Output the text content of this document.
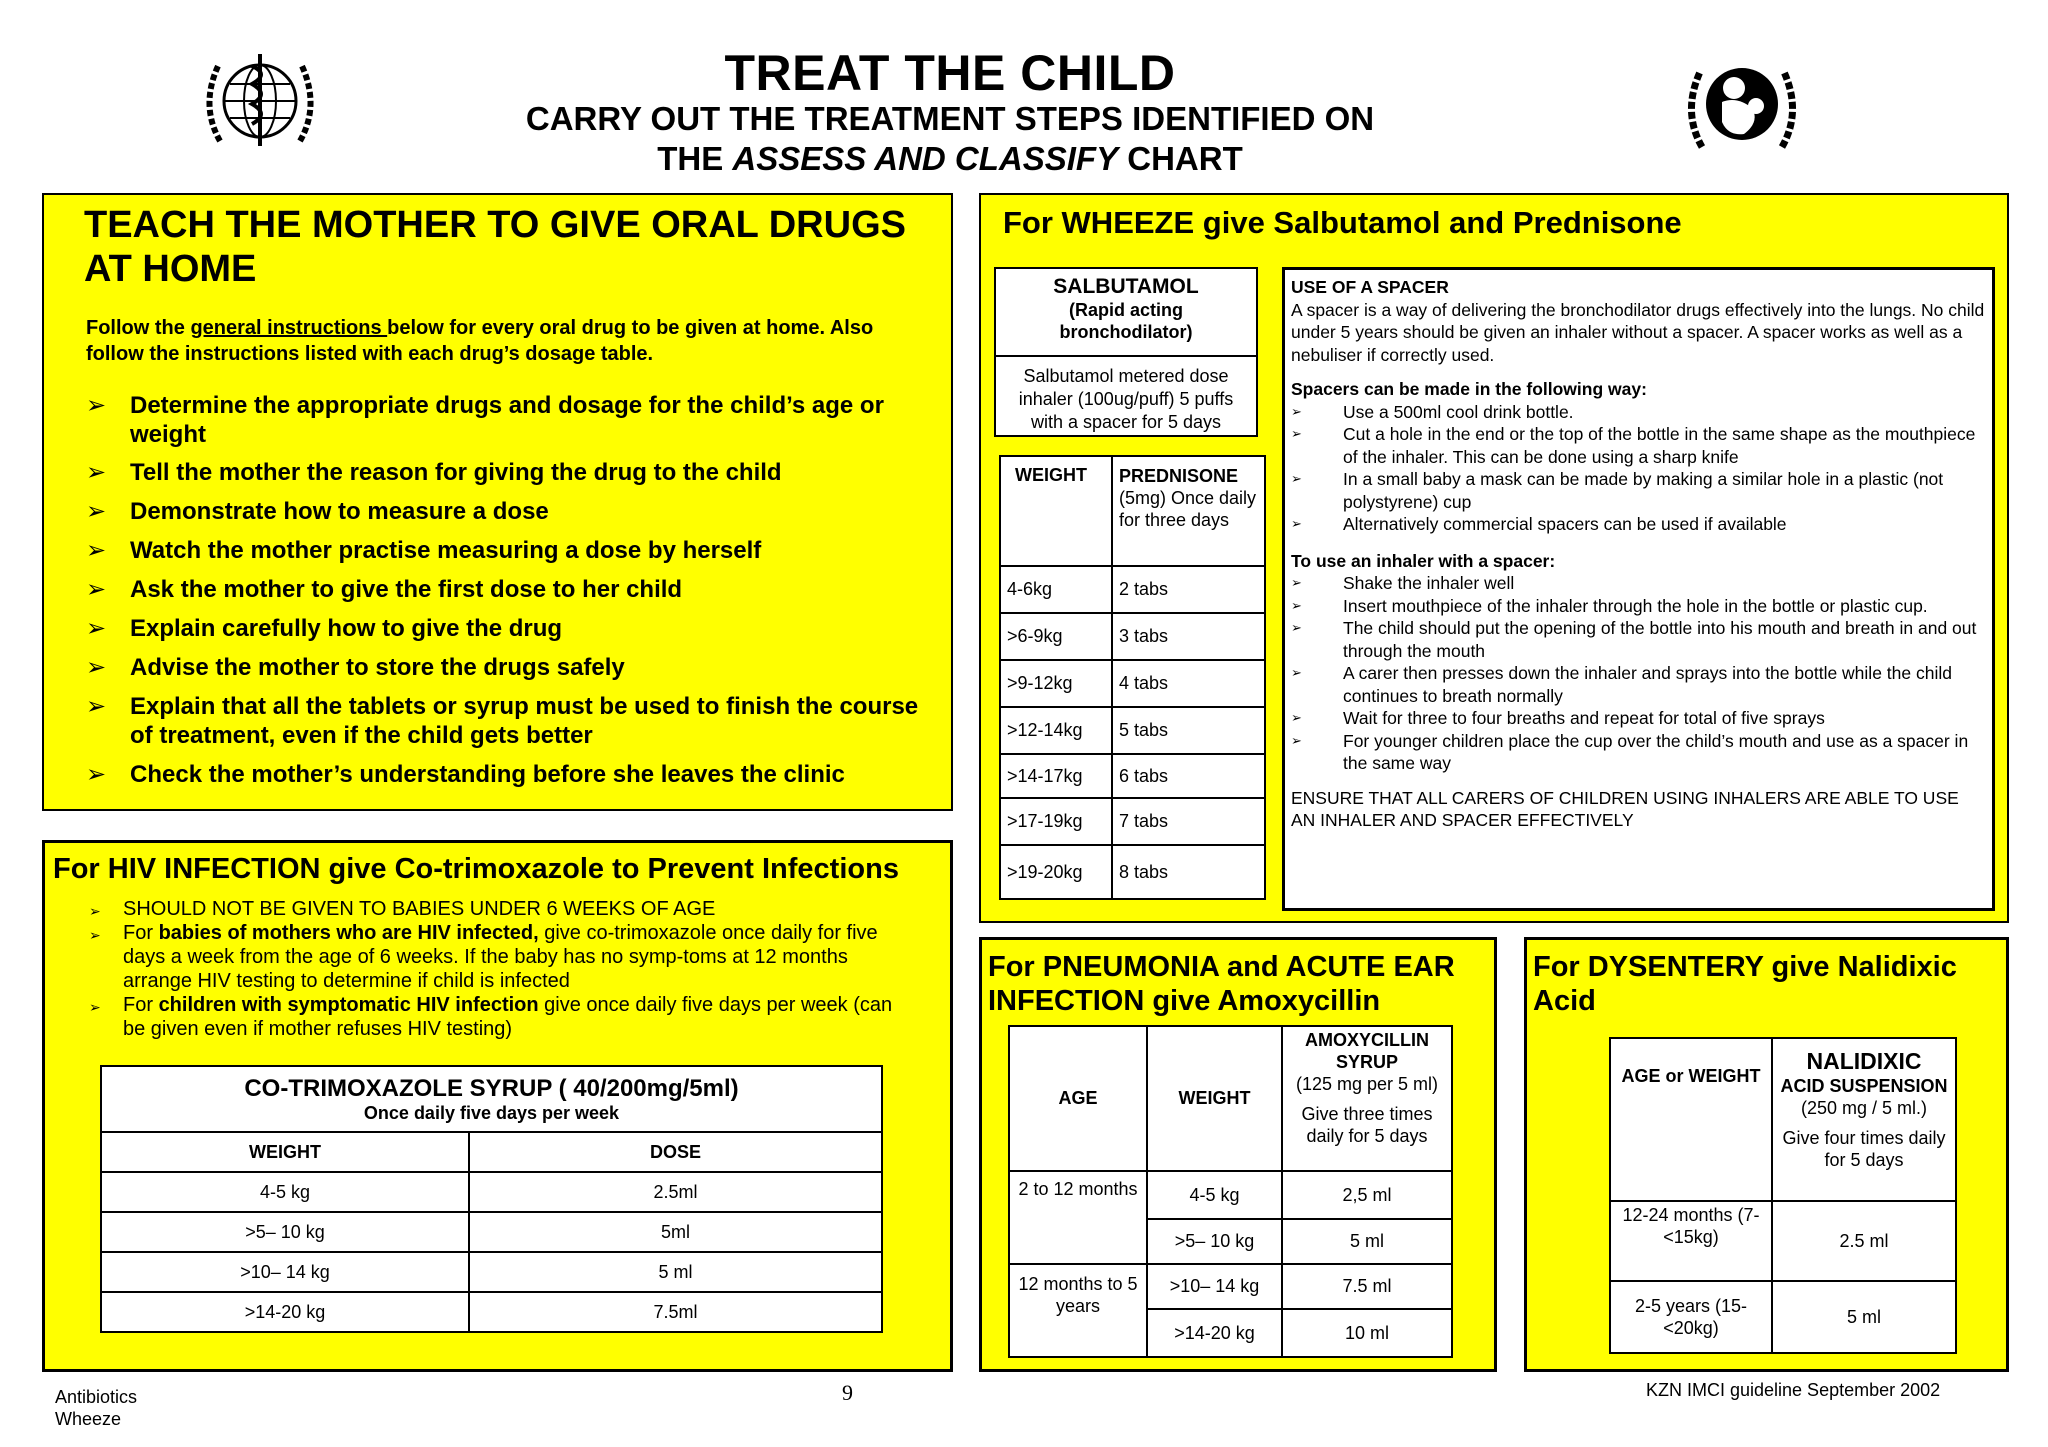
TREAT THE CHILD
CARRY OUT THE TREATMENT STEPS IDENTIFIED ON
THE ASSESS AND CLASSIFY CHART
TEACH THE MOTHER TO GIVE ORAL DRUGS AT HOME
Follow the general instructions below for every oral drug to be given at home. Also follow the instructions listed with each drug’s dosage table.
➢ Determine the appropriate drugs and dosage for the child’s age or weight
➢ Tell the mother the reason for giving the drug to the child
➢ Demonstrate how to measure a dose
➢ Watch the mother practise measuring a dose by herself
➢ Ask the mother to give the first dose to her child
➢ Explain carefully how to give the drug
➢ Advise the mother to store the drugs safely
➢ Explain that all the tablets or syrup must be used to finish the course of treatment, even if the child gets better
➢ Check the mother’s understanding before she leaves the clinic
For HIV INFECTION give Co-trimoxazole to Prevent Infections
➢ SHOULD NOT BE GIVEN TO BABIES UNDER 6 WEEKS OF AGE
➢ For babies of mothers who are HIV infected, give co-trimoxazole once daily for five days a week from the age of 6 weeks. If the baby has no symp-toms at 12 months arrange HIV testing to determine if child is infected
➢ For children with symptomatic HIV infection give once daily five days per week (can be given even if mother refuses HIV testing)
CO-TRIMOXAZOLE SYRUP ( 40/200mg/5ml)
Once daily five days per week	

WEIGHT	DOSE
4-5 kg	2.5ml
>5– 10 kg	5ml
>10– 14 kg	5 ml
>14-20 kg	7.5ml
For WHEEZE give Salbutamol and Prednisone
SALBUTAMOL
(Rapid acting bronchodilator)
Salbutamol metered dose inhaler (100ug/puff) 5 puffs with a spacer for 5 days
WEIGHT	PREDNISONE
(5mg) Once daily for three days

4-6kg	2 tabs
>6-9kg	3 tabs
>9-12kg	4 tabs
>12-14kg	5 tabs
>14-17kg	6 tabs
>17-19kg	7 tabs
>19-20kg	8 tabs
USE OF A SPACER
A spacer is a way of delivering the bronchodilator drugs effectively into the lungs. No child under 5 years should be given an inhaler without a spacer. A spacer works as well as a nebuliser if correctly used.
Spacers can be made in the following way:
➢ Use a 500ml cool drink bottle.
➢ Cut a hole in the end or the top of the bottle in the same shape as the mouthpiece of the inhaler. This can be done using a sharp knife
➢ In a small baby a mask can be made by making a similar hole in a plastic (not polystyrene) cup
➢ Alternatively commercial spacers can be used if available
To use an inhaler with a spacer:
➢ Shake the inhaler well
➢ Insert mouthpiece of the inhaler through the hole in the bottle or plastic cup.
➢ The child should put the opening of the bottle into his mouth and breath in and out through the mouth
➢ A carer then presses down the inhaler and sprays into the bottle while the child continues to breath normally
➢ Wait for three to four breaths and repeat for total of five sprays
➢ For younger children place the cup over the child’s mouth and use as a spacer in the same way
ENSURE THAT ALL CARERS OF CHILDREN USING INHALERS ARE ABLE TO USE AN INHALER AND SPACER EFFECTIVELY
For PNEUMONIA and ACUTE EAR INFECTION give Amoxycillin
AGE	WEIGHT	AMOXYCILLIN SYRUP
(125 mg per 5 ml)
Give three times daily for 5 days

2 to 12 months	4-5 kg	2,5 ml
	>5– 10 kg	5 ml
12 months to 5 years	>10– 14 kg	7.5 ml
	>14-20 kg	10 ml
For DYSENTERY give Nalidixic Acid
AGE or WEIGHT	NALIDIXIC
ACID SUSPENSION
(250 mg / 5 ml.)
Give four times daily for 5 days

12-24 months (7- <15kg)	2.5 ml
2-5 years (15- <20kg)	5 ml
Antibiotics
Wheeze
9	KZN IMCI guideline September 2002
